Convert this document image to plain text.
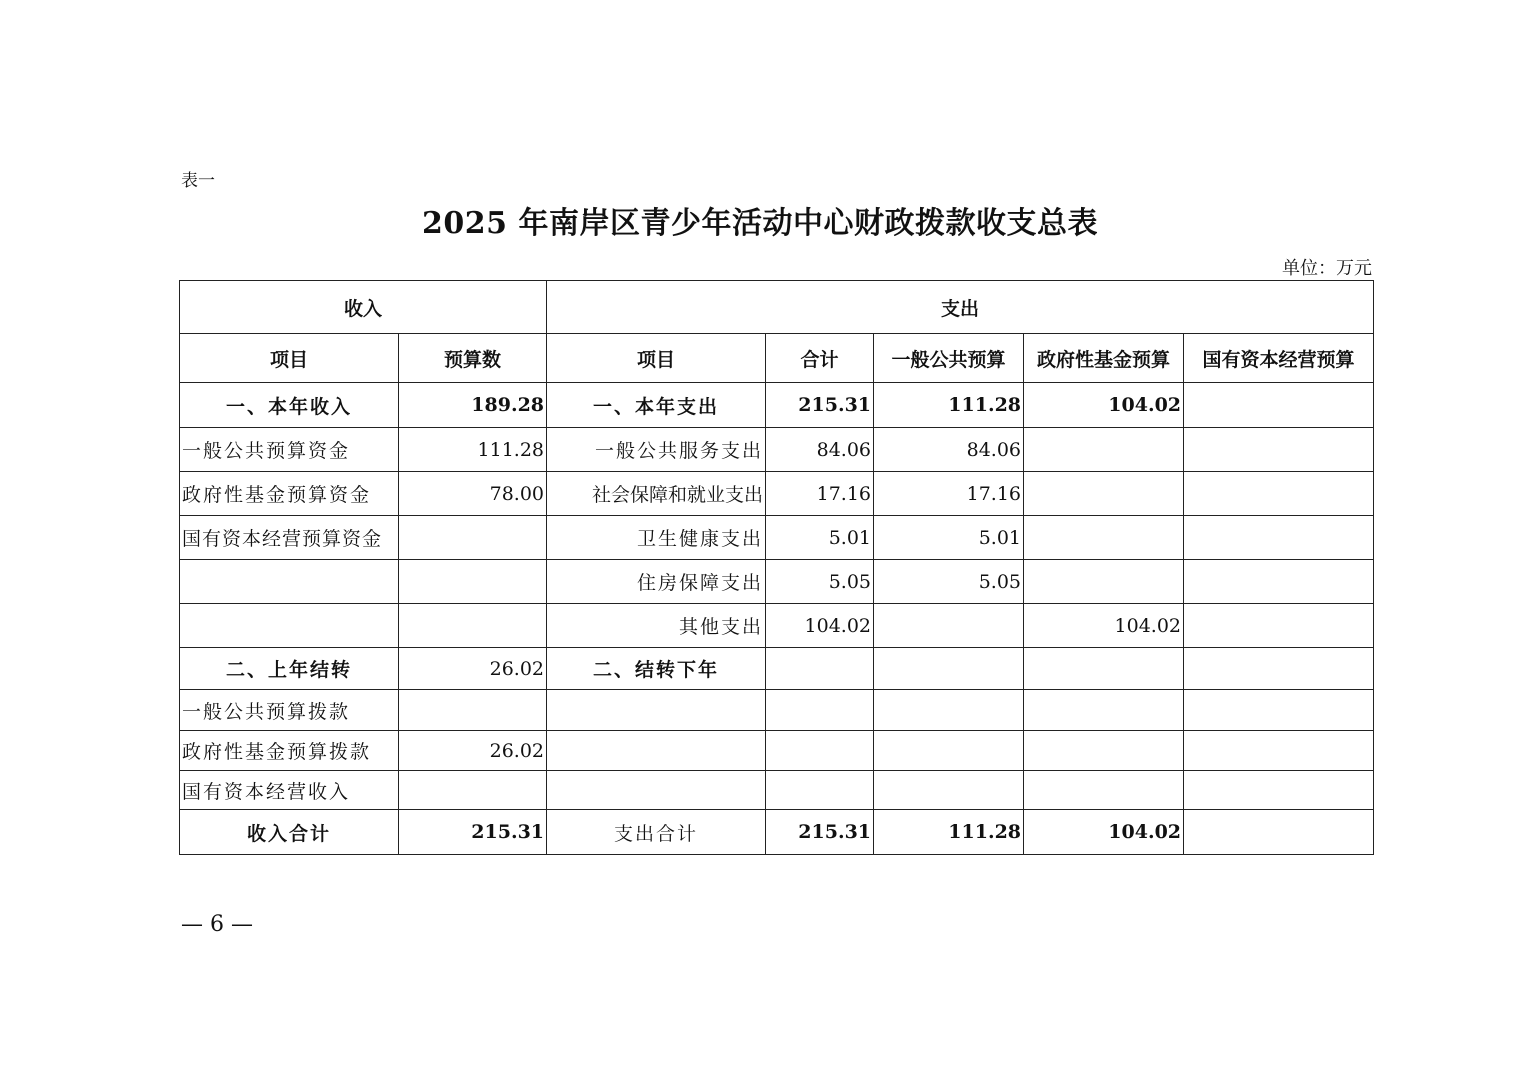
表一
2025 年南岸区青少年活动中心财政拨款收支总表
单位：万元
收入		支出				
项目	预算数	项目	合计	一般公共预算	政府性基金预算	国有资本经营预算
一、本年收入	189.28	一、本年支出	215.31	111.28	104.02	
一般公共预算资金	111.28	一般公共服务支出	84.06	84.06		
政府性基金预算资金	78.00	社会保障和就业支出	17.16	17.16		
国有资本经营预算资金		卫生健康支出	5.01	5.01		
		住房保障支出	5.05	5.05		
		其他支出	104.02		104.02	
二、上年结转	26.02	二、结转下年				
一般公共预算拨款						
政府性基金预算拨款	26.02					
国有资本经营收入						
收入合计	215.31	支出合计	215.31	111.28	104.02	
— 6 —
